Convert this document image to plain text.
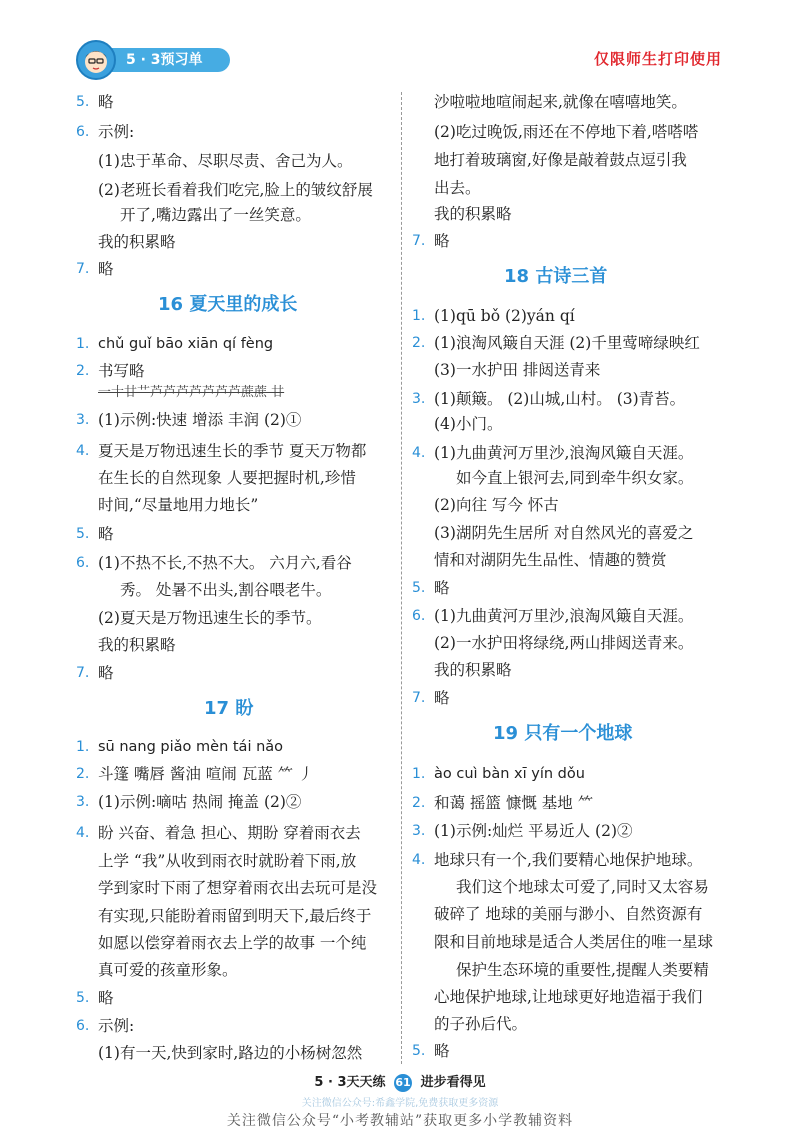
5 · 3预习单	仅限师生打印使用
5. 略
6. 示例:
(1)忠于革命、尽职尽责、舍己为人。
(2)老班长看着我们吃完,脸上的皱纹舒展
开了,嘴边露出了一丝笑意。
我的积累略
7. 略
16 夏天里的成长
1. chǔ guǐ bāo xiān qí fèng
2. 书写略
一十廿艹芦芦芦芦芦芦芦蔗蔗 廿
3. (1)示例:快速 增添 丰润 (2)①
4. 夏天是万物迅速生长的季节 夏天万物都
在生长的自然现象 人要把握时机,珍惜
时间,“尽量地用力地长”
5. 略
6. (1)不热不长,不热不大。 六月六,看谷
秀。 处暑不出头,割谷喂老牛。
(2)夏天是万物迅速生长的季节。
我的积累略
7. 略
17 盼
1. sū nang piǎo mèn tái nǎo
2. 斗篷 嘴唇 酱油 喧闹 瓦蓝 ⺮ 丿
3. (1)示例:嘀咕 热闹 掩盖 (2)②
4. 盼 兴奋、着急 担心、期盼 穿着雨衣去
上学 “我”从收到雨衣时就盼着下雨,放
学到家时下雨了想穿着雨衣出去玩可是没
有实现,只能盼着雨留到明天下,最后终于
如愿以偿穿着雨衣去上学的故事 一个纯
真可爱的孩童形象。
5. 略
6. 示例:
(1)有一天,快到家时,路边的小杨树忽然
沙啦啦地喧闹起来,就像在嘻嘻地笑。
(2)吃过晚饭,雨还在不停地下着,嗒嗒嗒
地打着玻璃窗,好像是敲着鼓点逗引我
出去。
我的积累略
7. 略
18 古诗三首
1. (1)qū bǒ (2)yán qí
2. (1)浪淘风簸自天涯 (2)千里莺啼绿映红
(3)一水护田 排闼送青来
3. (1)颠簸。 (2)山城,山村。 (3)青苔。
(4)小门。
4. (1)九曲黄河万里沙,浪淘风簸自天涯。
如今直上银河去,同到牵牛织女家。
(2)向往 写今 怀古
(3)湖阴先生居所 对自然风光的喜爱之
情和对湖阴先生品性、情趣的赞赏
5. 略
6. (1)九曲黄河万里沙,浪淘风簸自天涯。
(2)一水护田将绿绕,两山排闼送青来。
我的积累略
7. 略
19 只有一个地球
1. ào cuì bàn xī yín dǒu
2. 和蔼 摇篮 慷慨 基地 ⺮
3. (1)示例:灿烂 平易近人 (2)②
4. 地球只有一个,我们要精心地保护地球。
我们这个地球太可爱了,同时又太容易
破碎了 地球的美丽与渺小、自然资源有
限和目前地球是适合人类居住的唯一星球
保护生态环境的重要性,提醒人类要精
心地保护地球,让地球更好地造福于我们
的子孙后代。
5. 略
5 · 3天天练 61 进步看得见
关注微信公众号:希鑫学院,免费获取更多资源
关注微信公众号“小考教辅站”获取更多小学教辅资料
